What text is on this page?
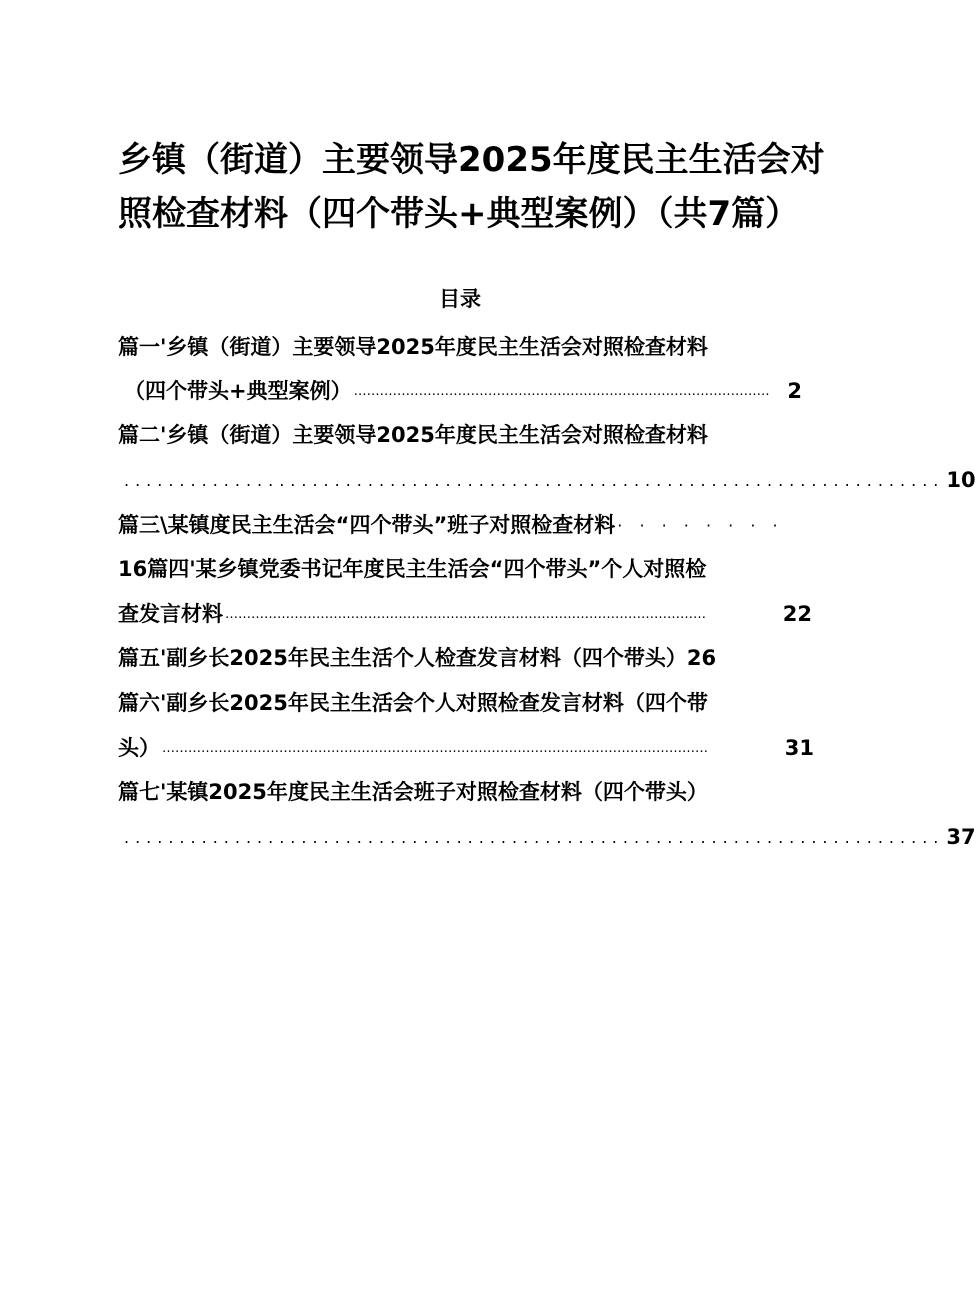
乡镇（街道）主要领导2025年度民主生活会对
照检查材料（四个带头+典型案例）（共7篇）
目录
篇一'乡镇（街道）主要领导2025年度民主生活会对照检查材料
（四个带头+典型案例） …………………………………………………………………………………… 2
篇二'乡镇（街道）主要领导2025年度民主生活会对照检查材料
.......................................................................... 10
篇三\某镇度民主生活会“四个带头”班子对照检查材料 · · · · · · · ·
16篇四'某乡镇党委书记年度民主生活会“四个带头”个人对照检
查发言材料 …………………………………………………………………………………………………	22
篇五'副乡长2025年民主生活个人检查发言材料（四个带头）26
篇六'副乡长2025年民主生活会个人对照检查发言材料（四个带
头） ………………………………………………………………………………………………………………	31
篇七'某镇2025年度民主生活会班子对照检查材料（四个带头）
.......................................................................... 37
